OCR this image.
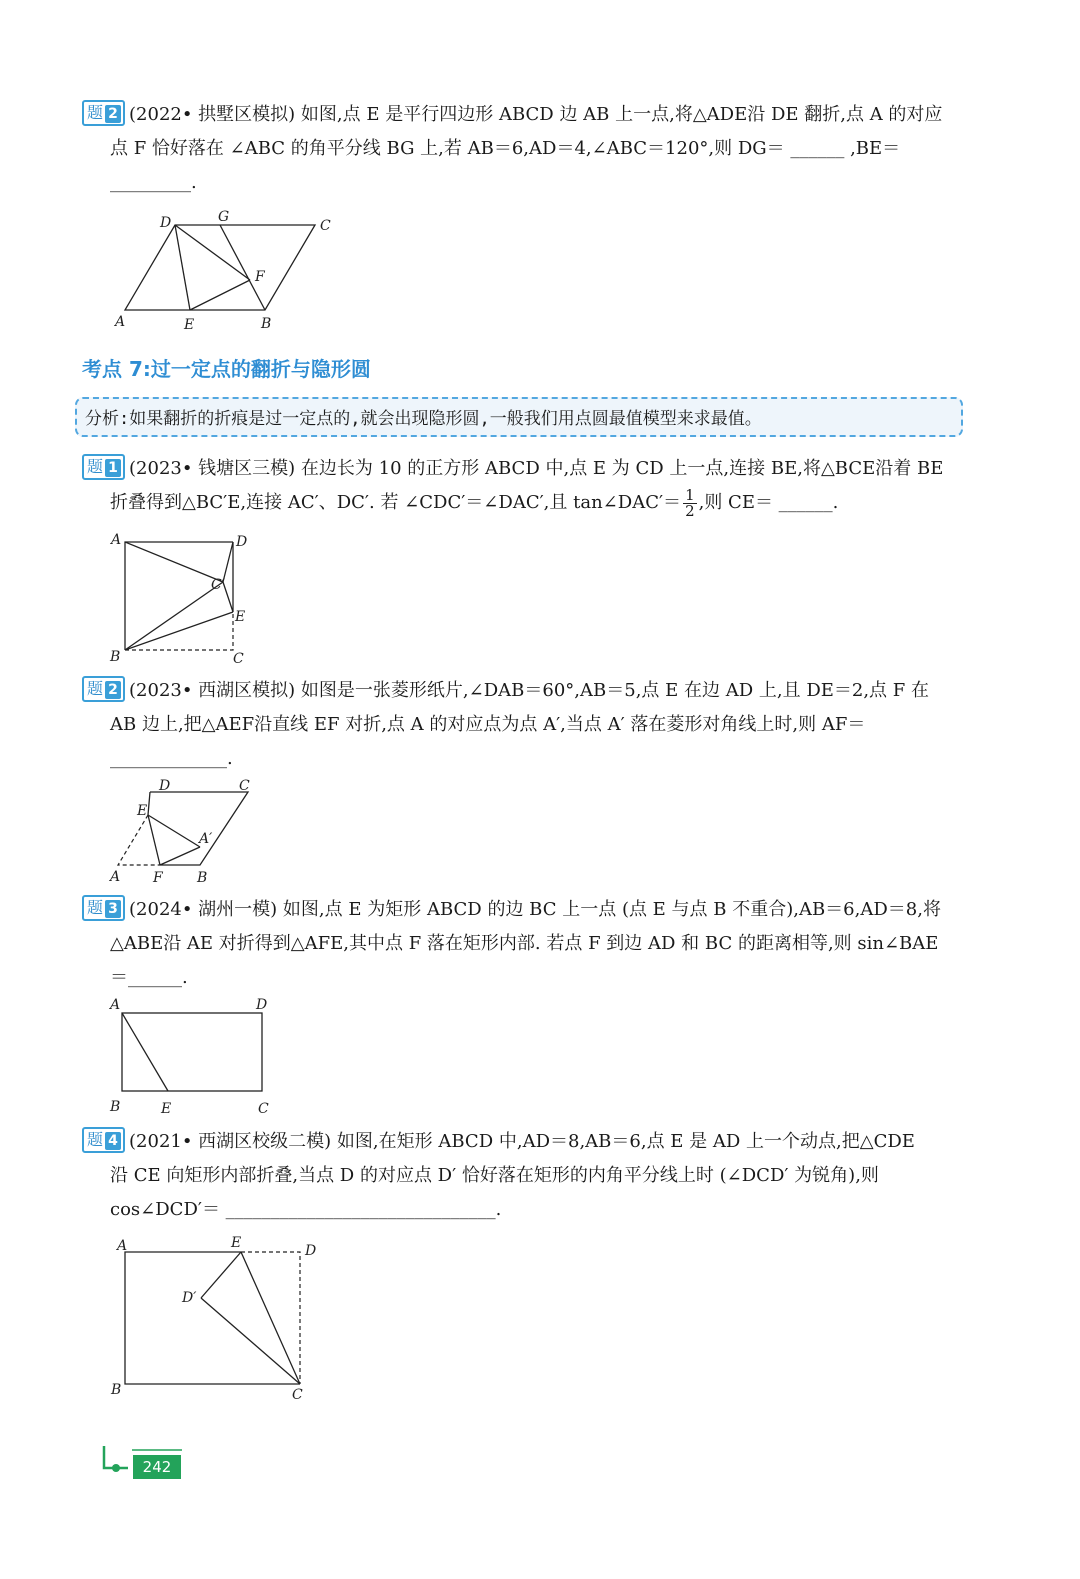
题 2 (2022• 拱墅区模拟) 如图,点 E 是平行四边形 ABCD 边 AB 上一点,将△ADE沿 DE 翻折,点 A 的对应
点 F 恰好落在 ∠ABC 的角平分线 BG 上,若 AB＝6,AD＝4,∠ABC＝120°,则 DG＝ ______ ,BE＝
_________.
D	G
C
F
A	E	B
考点 7:过一定点的翻折与隐形圆
分析:如果翻折的折痕是过一定点的,就会出现隐形圆,一般我们用点圆最值模型来求最值。
题 1 (2023• 钱塘区三模) 在边长为 10 的正方形 ABCD 中,点 E 为 CD 上一点,连接 BE,将△BCE沿着 BE
折叠得到△BC′E,连接 AC′、DC′. 若 ∠CDC′＝∠DAC′,且 tan∠DAC′＝ $\frac{1}{2}$ ,则 CE＝ ______.
A	D
C′
E
B	C
题 2 (2023• 西湖区模拟) 如图是一张菱形纸片,∠DAB＝60°,AB＝5,点 E 在边 AD 上,且 DE＝2,点 F 在
AB 边上,把△AEF沿直线 EF 对折,点 A 的对应点为点 A′,当点 A′ 落在菱形对角线上时,则 AF＝
_____________.
D	C
E
A′
A F B
题 3 (2024• 湖州一模) 如图,点 E 为矩形 ABCD 的边 BC 上一点 (点 E 与点 B 不重合),AB＝6,AD＝8,将
△ABE沿 AE 对折得到△AFE,其中点 F 落在矩形内部. 若点 F 到边 AD 和 BC 的距离相等,则 sin∠BAE
＝______.
A	D
B	E	C
题 4 (2021• 西湖区校级二模) 如图,在矩形 ABCD 中,AD＝8,AB＝6,点 E 是 AD 上一个动点,把△CDE
沿 CE 向矩形内部折叠,当点 D 的对应点 D′ 恰好落在矩形的内角平分线上时 (∠DCD′ 为锐角),则
cos∠DCD′＝ ______________________________.
A	E	D
D′
B	C
242
